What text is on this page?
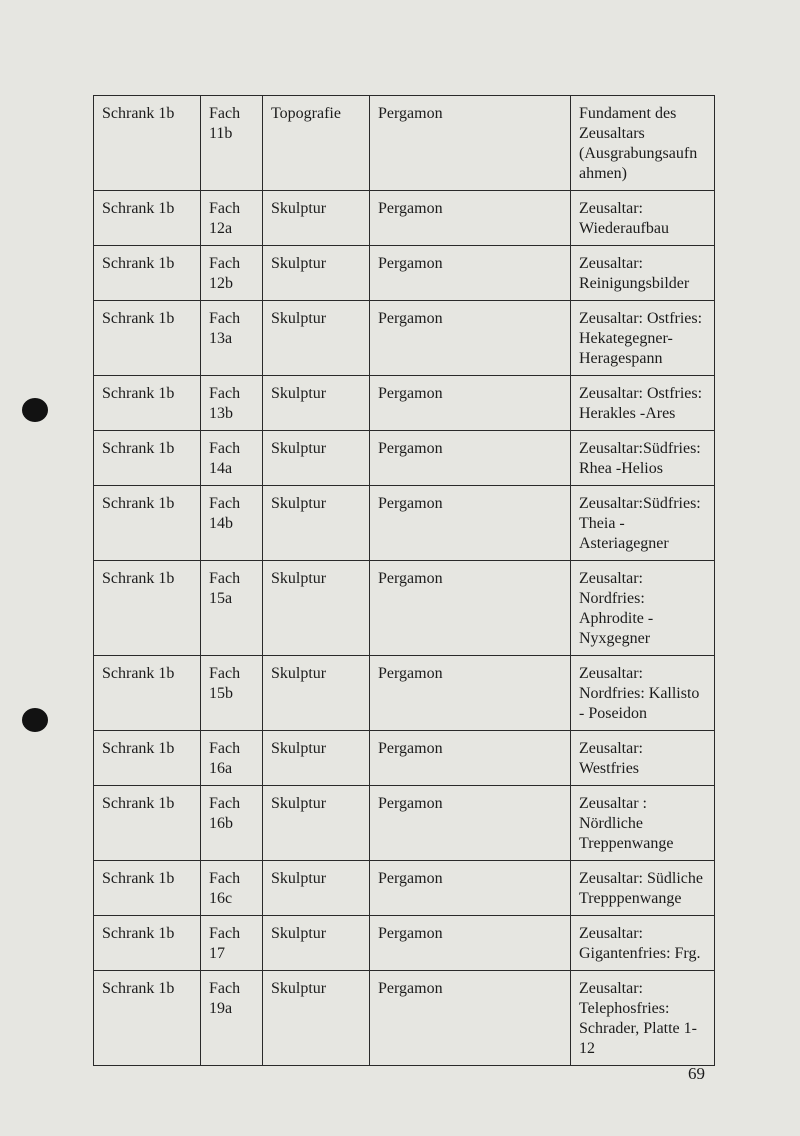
Schrank 1b	Fach 11b	Topografie	Pergamon	Fundament des Zeusaltars (Ausgrabungsaufn ahmen)
Schrank 1b	Fach 12a	Skulptur	Pergamon	Zeusaltar: Wiederaufbau
Schrank 1b	Fach 12b	Skulptur	Pergamon	Zeusaltar: Reinigungsbilder
Schrank 1b	Fach 13a	Skulptur	Pergamon	Zeusaltar: Ostfries: Hekategegner-Heragespann
Schrank 1b	Fach 13b	Skulptur	Pergamon	Zeusaltar: Ostfries: Herakles -Ares
Schrank 1b	Fach 14a	Skulptur	Pergamon	Zeusaltar:Südfries: Rhea -Helios
Schrank 1b	Fach 14b	Skulptur	Pergamon	Zeusaltar:Südfries: Theia - Asteriagegner
Schrank 1b	Fach 15a	Skulptur	Pergamon	Zeusaltar: Nordfries: Aphrodite - Nyxgegner
Schrank 1b	Fach 15b	Skulptur	Pergamon	Zeusaltar: Nordfries: Kallisto - Poseidon
Schrank 1b	Fach 16a	Skulptur	Pergamon	Zeusaltar: Westfries
Schrank 1b	Fach 16b	Skulptur	Pergamon	Zeusaltar : Nördliche Treppenwange
Schrank 1b	Fach 16c	Skulptur	Pergamon	Zeusaltar: Südliche Trepppenwange
Schrank 1b	Fach 17	Skulptur	Pergamon	Zeusaltar: Gigantenfries: Frg.
Schrank 1b	Fach 19a	Skulptur	Pergamon	Zeusaltar: Telephosfries: Schrader, Platte 1-12
69
